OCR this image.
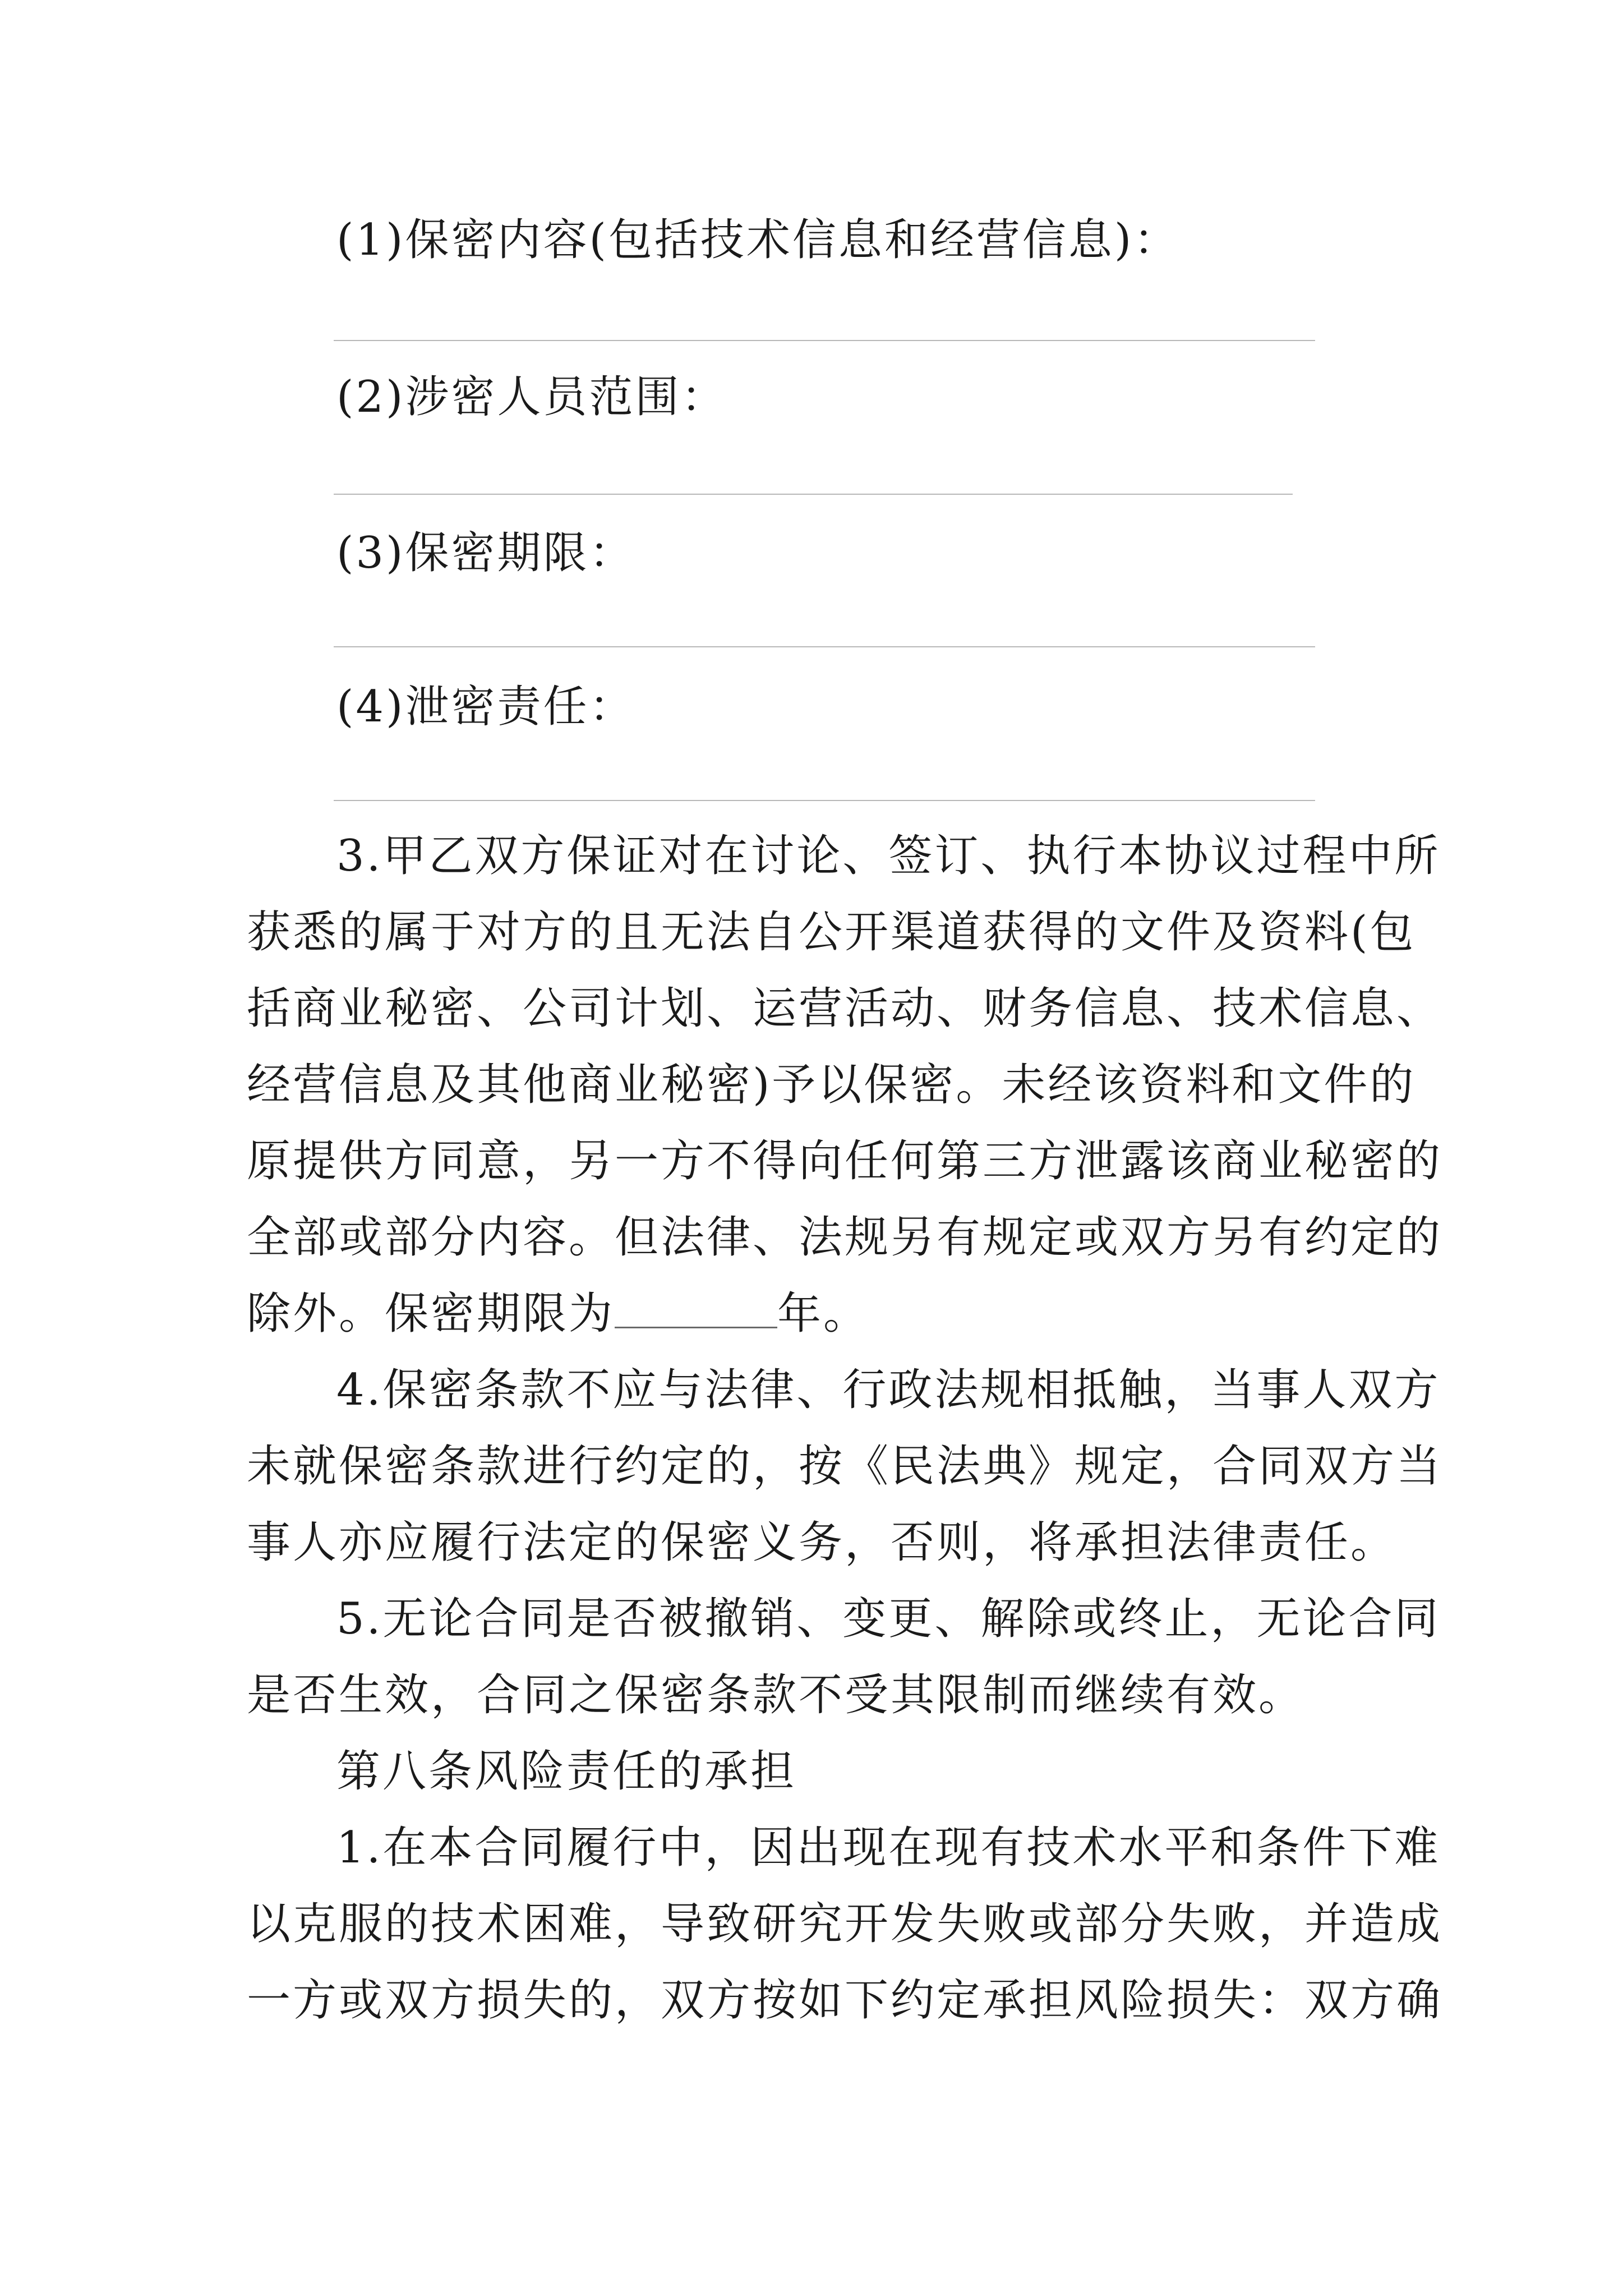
(1)保密内容(包括技术信息和经营信息)：
(2)涉密人员范围：
(3)保密期限：
(4)泄密责任：
3.甲乙双方保证对在讨论、签订、执行本协议过程中所
获悉的属于对方的且无法自公开渠道获得的文件及资料(包
括商业秘密、公司计划、运营活动、财务信息、技术信息、
经营信息及其他商业秘密)予以保密。未经该资料和文件的
原提供方同意，另一方不得向任何第三方泄露该商业秘密的
全部或部分内容。但法律、法规另有规定或双方另有约定的
除外。保密期限为	年。
4.保密条款不应与法律、行政法规相抵触，当事人双方
未就保密条款进行约定的，按《民法典》规定，合同双方当
事人亦应履行法定的保密义务，否则，将承担法律责任。
5.无论合同是否被撤销、变更、解除或终止，无论合同
是否生效，合同之保密条款不受其限制而继续有效。
第八条风险责任的承担
1.在本合同履行中，因出现在现有技术水平和条件下难
以克服的技术困难，导致研究开发失败或部分失败，并造成
一方或双方损失的，双方按如下约定承担风险损失：双方确
